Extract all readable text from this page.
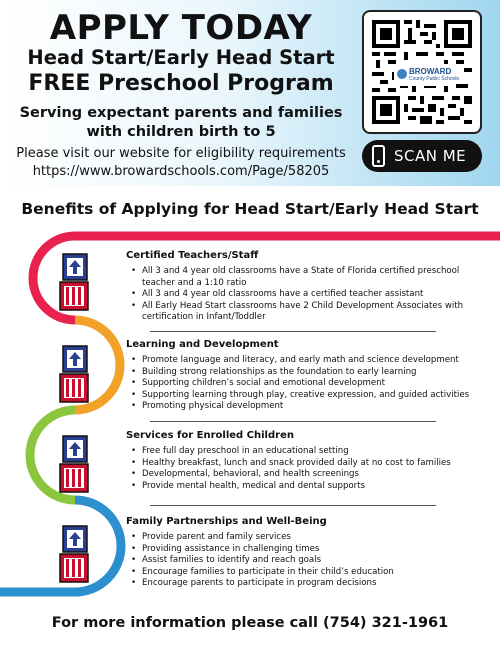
APPLY TODAY
Head Start/Early Head Start
FREE Preschool Program
Serving expectant parents and families
with children birth to 5
Please visit our website for eligibility requirements
https://www.browardschools.com/Page/58205
BROWARD
County Public Schools
SCAN ME
Benefits of Applying for Head Start/Early Head Start
Certified Teachers/Staff
• All 3 and 4 year old classrooms have a State of Florida certified preschool teacher and a 1:10 ratio
• All 3 and 4 year old classrooms have a certified teacher assistant
• All Early Head Start classrooms have 2 Child Development Associates with certification in Infant/Toddler
Learning and Development
• Promote language and literacy, and early math and science development
• Building strong relationships as the foundation to early learning
• Supporting children’s social and emotional development
• Supporting learning through play, creative expression, and guided activities
• Promoting physical development
Services for Enrolled Children
• Free full day preschool in an educational setting
• Healthy breakfast, lunch and snack provided daily at no cost to families
• Developmental, behavioral, and health screenings
• Provide mental health, medical and dental supports
Family Partnerships and Well-Being
• Provide parent and family services
• Providing assistance in challenging times
• Assist families to identify and reach goals
• Encourage families to participate in their child’s education
• Encourage parents to participate in program decisions
For more information please call (754) 321-1961
